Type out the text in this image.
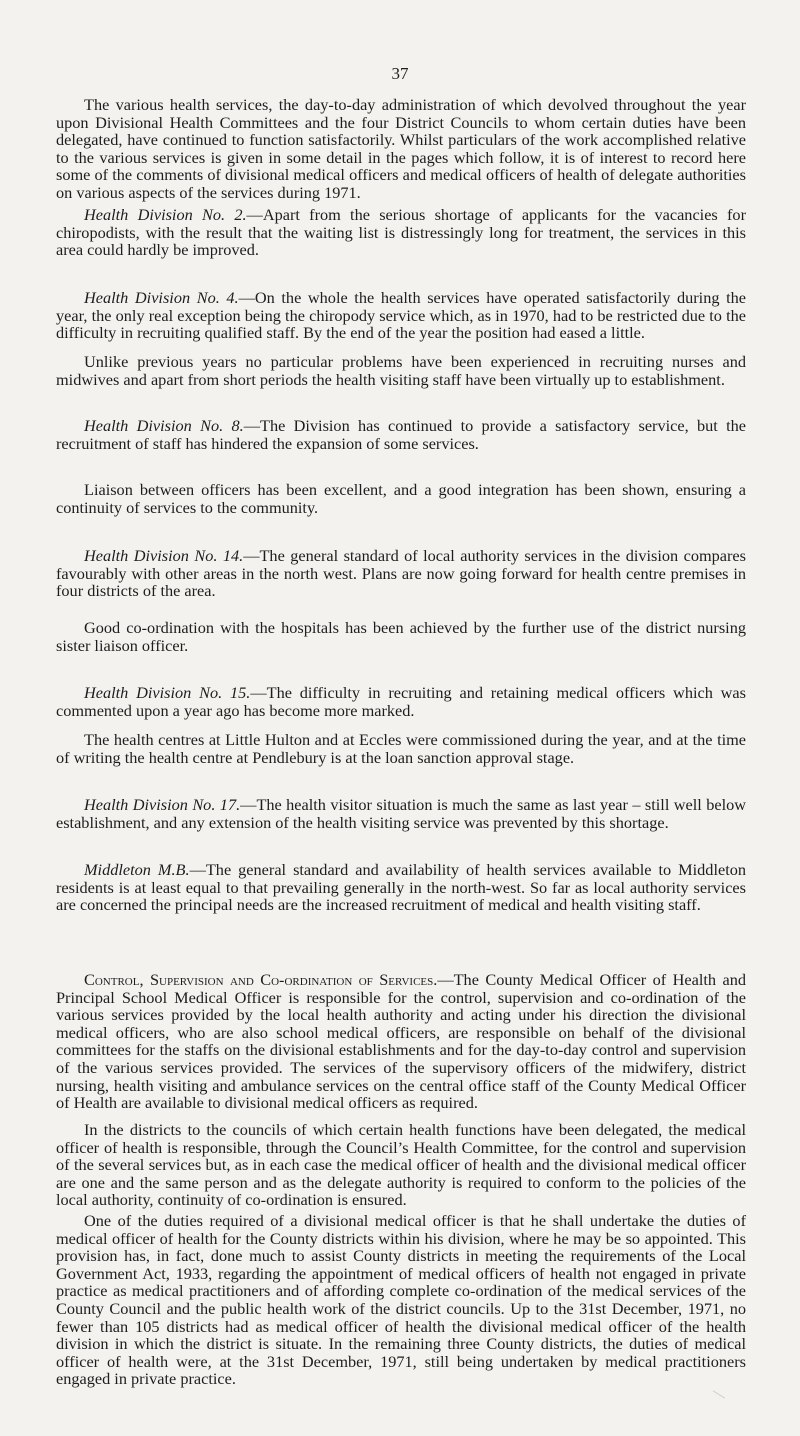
37

The various health services, the day-to-day administration of which devolved throughout the year upon Divisional Health Committees and the four District Councils to whom certain duties have been delegated, have continued to function satisfactorily. Whilst particulars of the work accomplished relative to the various services is given in some detail in the pages which follow, it is of interest to record here some of the comments of divisional medical officers and medical officers of health of delegate authorities on various aspects of the services during 1971.

Health Division No. 2.—Apart from the serious shortage of applicants for the vacancies for chiropodists, with the result that the waiting list is distressingly long for treatment, the services in this area could hardly be improved.

Health Division No. 4.—On the whole the health services have operated satisfactorily during the year, the only real exception being the chiropody service which, as in 1970, had to be restricted due to the difficulty in recruiting qualified staff. By the end of the year the position had eased a little.

Unlike previous years no particular problems have been experienced in recruiting nurses and midwives and apart from short periods the health visiting staff have been virtually up to establishment.

Health Division No. 8.—The Division has continued to provide a satisfactory service, but the recruitment of staff has hindered the expansion of some services.

Liaison between officers has been excellent, and a good integration has been shown, ensuring a continuity of services to the community.

Health Division No. 14.—The general standard of local authority services in the division compares favourably with other areas in the north west. Plans are now going forward for health centre premises in four districts of the area.

Good co-ordination with the hospitals has been achieved by the further use of the district nursing sister liaison officer.

Health Division No. 15.—The difficulty in recruiting and retaining medical officers which was commented upon a year ago has become more marked.

The health centres at Little Hulton and at Eccles were commissioned during the year, and at the time of writing the health centre at Pendlebury is at the loan sanction approval stage.

Health Division No. 17.—The health visitor situation is much the same as last year – still well below establishment, and any extension of the health visiting service was prevented by this shortage.

Middleton M.B.—The general standard and availability of health services available to Middleton residents is at least equal to that prevailing generally in the north-west. So far as local authority services are concerned the principal needs are the increased recruitment of medical and health visiting staff.

Control, Supervision and Co-ordination of Services.—The County Medical Officer of Health and Principal School Medical Officer is responsible for the control, supervision and co-ordination of the various services provided by the local health authority and acting under his direction the divisional medical officers, who are also school medical officers, are responsible on behalf of the divisional committees for the staffs on the divisional establishments and for the day-to-day control and supervision of the various services provided. The services of the supervisory officers of the midwifery, district nursing, health visiting and ambulance services on the central office staff of the County Medical Officer of Health are available to divisional medical officers as required.

In the districts to the councils of which certain health functions have been delegated, the medical officer of health is responsible, through the Council’s Health Committee, for the control and supervision of the several services but, as in each case the medical officer of health and the divisional medical officer are one and the same person and as the delegate authority is required to conform to the policies of the local authority, continuity of co-ordination is ensured.

One of the duties required of a divisional medical officer is that he shall undertake the duties of medical officer of health for the County districts within his division, where he may be so appointed. This provision has, in fact, done much to assist County districts in meeting the requirements of the Local Government Act, 1933, regarding the appointment of medical officers of health not engaged in private practice as medical practitioners and of affording complete co-ordination of the medical services of the County Council and the public health work of the district councils. Up to the 31st December, 1971, no fewer than 105 districts had as medical officer of health the divisional medical officer of the health division in which the district is situate. In the remaining three County districts, the duties of medical officer of health were, at the 31st December, 1971, still being undertaken by medical practitioners engaged in private practice.
